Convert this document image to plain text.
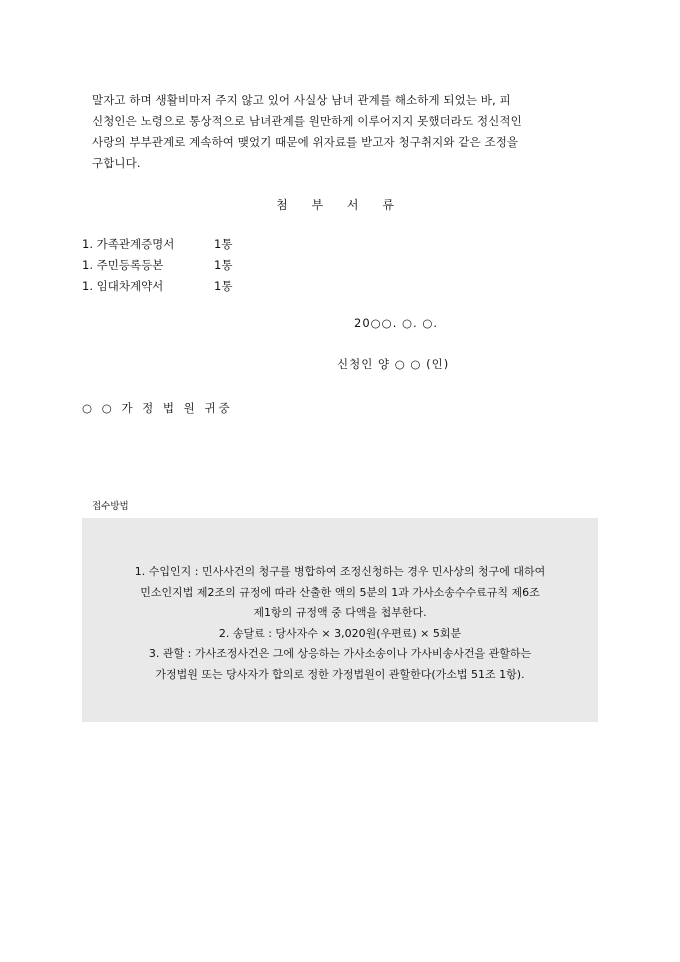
말자고 하며 생활비마저 주지 않고 있어 사실상 남녀 관계를 해소하게 되었는 바, 피
신청인은 노령으로 통상적으로 남녀관계를 원만하게 이루어지지 못했더라도 정신적인
사랑의 부부관계로 계속하여 맺었기 때문에 위자료를 받고자 청구취지와 같은 조정을
구합니다.
첨 부 서 류
1. 가족관계증명서	1통
1. 주민등록등본	1통
1. 임대차계약서	1통
20○○. ○. ○.
신청인 양 ○ ○ (인)
○ ○ 가 정 법 원 귀중
접수방법
1. 수입인지 : 민사사건의 청구를 병합하여 조정신청하는 경우 민사상의 청구에 대하여
민소인지법 제2조의 규정에 따라 산출한 액의 5분의 1과 가사소송수수료규칙 제6조
제1항의 규정액 중 다액을 첩부한다.
2. 송달료 : 당사자수 × 3,020원(우편료) × 5회분
3. 관할 : 가사조정사건은 그에 상응하는 가사소송이나 가사비송사건을 관할하는
가정법원 또는 당사자가 합의로 정한 가정법원이 관할한다(가소법 51조 1항).
